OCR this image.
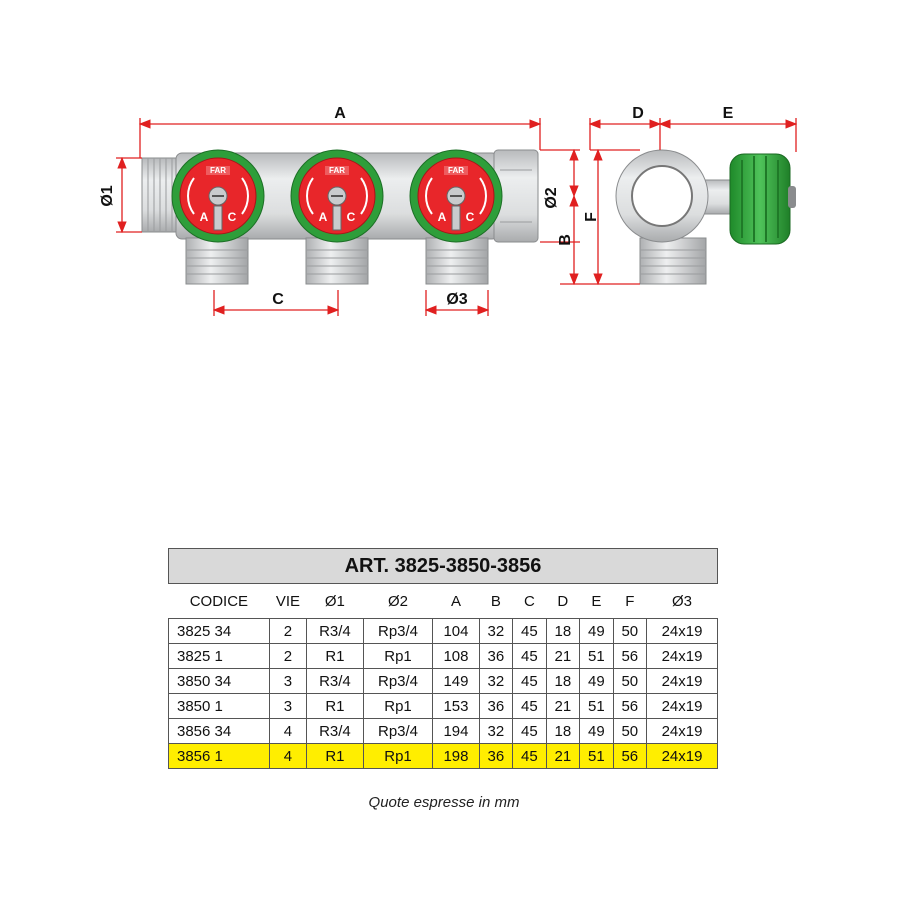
FAR
A C
FAR
A C
FAR
A C
A	D	E
Ø1	Ø2
B
F
C	Ø3
ART. 3825-3850-3856										
CODICE	VIE	Ø1	Ø2	A	B	C	D	E	F	Ø3
3825 34	2	R3/4	Rp3/4	104	32	45	18	49	50	24x19
3825 1	2	R1	Rp1	108	36	45	21	51	56	24x19
3850 34	3	R3/4	Rp3/4	149	32	45	18	49	50	24x19
3850 1	3	R1	Rp1	153	36	45	21	51	56	24x19
3856 34	4	R3/4	Rp3/4	194	32	45	18	49	50	24x19
3856 1	4	R1	Rp1	198	36	45	21	51	56	24x19
Quote espresse in mm
